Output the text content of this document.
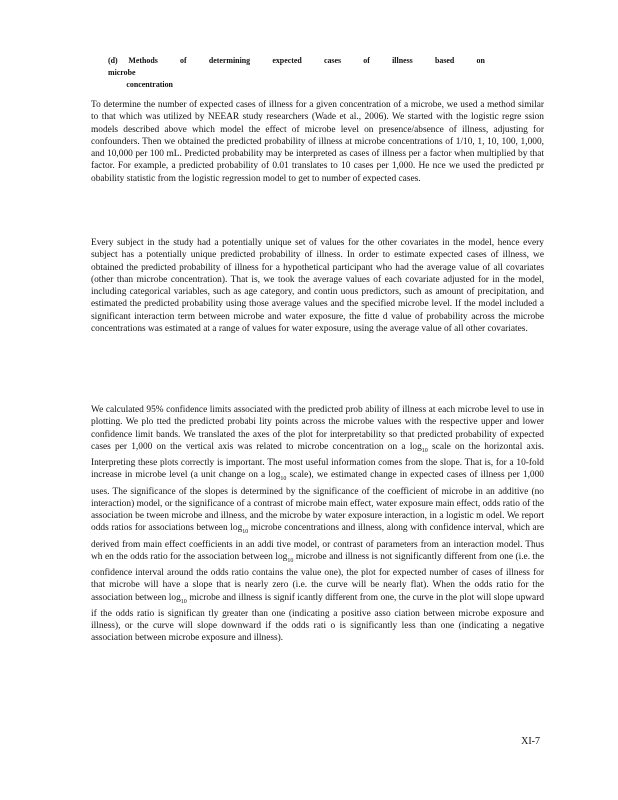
(d) Methods of determining expected cases of illness based on microbe
concentration

To determine the number of expected cases of illness for a given concentration of a microbe, we used a method similar to that which was utilized by NEEAR study researchers (Wade et al., 2006). We started with the logistic regre ssion models described above which model the effect of microbe level on presence/absence of illness, adjusting for confounders. Then we obtained the predicted probability of illness at microbe concentrations of 1/10, 1, 10, 100, 1,000, and 10,000 per 100 mL. Predicted probability may be interpreted as cases of illness per a factor when multiplied by that factor. For example, a predicted probability of 0.01 translates to 10 cases per 1,000. He nce we used the predicted pr obability statistic from the logistic regression model to get to number of expected cases.

Every subject in the study had a potentially unique set of values for the other covariates in the model, hence every subject has a potentially unique predicted probability of illness. In order to estimate expected cases of illness, we obtained the predicted probability of illness for a hypothetical participant who had the average value of all covariates (other than microbe concentration). That is, we took the average values of each covariate adjusted for in the model, including categorical variables, such as age category, and contin uous predictors, such as amount of precipitation, and estimated the predicted probability using those average values and the specified microbe level. If the model included a significant interaction term between microbe and water exposure, the fitte d value of probability across the microbe concentrations was estimated at a range of values for water exposure, using the average value of all other covariates.

We calculated 95% confidence limits associated with the predicted prob ability of illness at each microbe level to use in plotting. We plo tted the predicted probabi lity points across the microbe values with the respective upper and lower confidence limit bands. We translated the axes of the plot for interpretability so that predicted probability of expected cases per 1,000 on the vertical axis was related to microbe concentration on a $\log_{10}$ scale on the horizontal axis. Interpreting these plots correctly is important. The most useful information comes from the slope. That is, for a 10-fold increase in microbe level (a unit change on a $\log_{10}$ scale), we estimated change in expected cases of illness per 1,000 uses. The significance of the slopes is determined by the significance of the coefficient of microbe in an additive (no interaction) model, or the significance of a contrast of microbe main effect, water exposure main effect, odds ratio of the association be tween microbe and illness, and the microbe by water exposure interaction, in a logistic m odel. We report odds ratios for associations between $\log_{10}$ microbe concentrations and illness, along with confidence interval, which are derived from main effect coefficients in an addi tive model, or contrast of parameters from an interaction model. Thus wh en the odds ratio for the association between $\log_{10}$ microbe and illness is not significantly different from one (i.e. the confidence interval around the odds ratio contains the value one), the plot for expected number of cases of illness for that microbe will have a slope that is nearly zero (i.e. the curve will be nearly flat). When the odds ratio for the association between $\log_{10}$ microbe and illness is signif icantly different from one, the curve in the plot will slope upward if the odds ratio is significan tly greater than one (indicating a positive asso ciation between microbe exposure and illness), or the curve will slope downward if the odds rati o is significantly less than one (indicating a negative association between microbe exposure and illness).

XI-7
